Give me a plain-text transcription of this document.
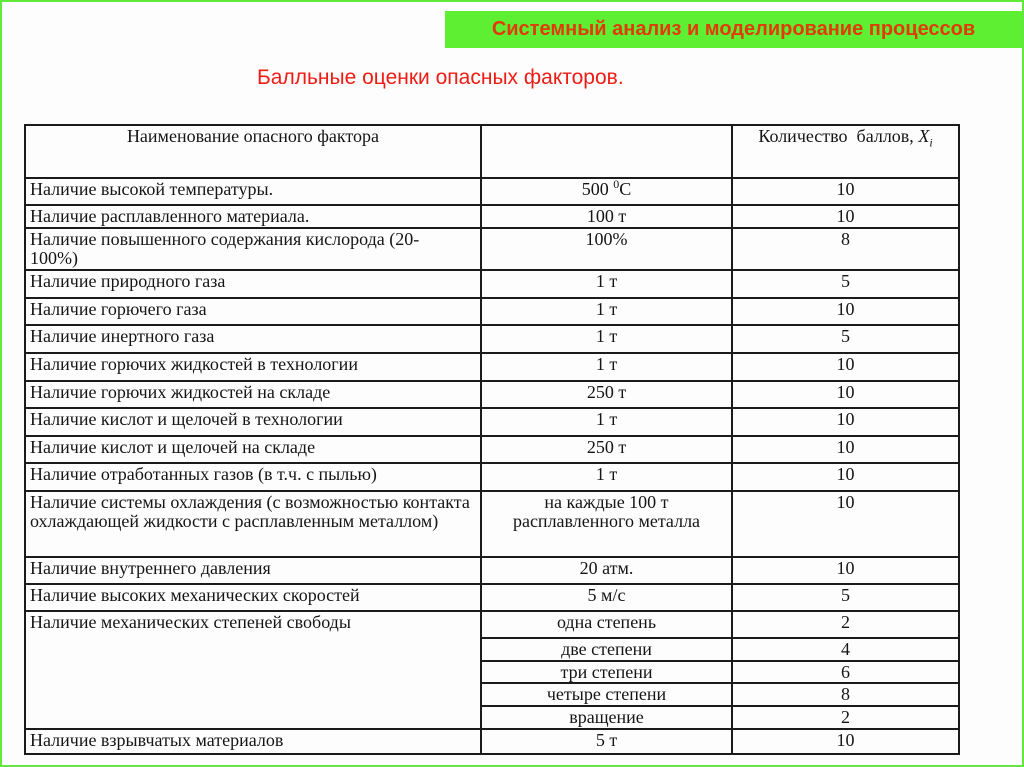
Системный анализ и моделирование процессов
Балльные оценки опасных факторов.
Наименование опасного фактора		Количество  баллов, $X_i$
Наличие высокой температуры.	500 $^0$С	10
Наличие расплавленного материала.	100 т	10
Наличие повышенного содержания кислорода (20-100%)	100%	8
Наличие природного газа	1 т	5
Наличие горючего газа	1 т	10
Наличие инертного газа	1 т	5
Наличие горючих жидкостей в технологии	1 т	10
Наличие горючих жидкостей на складе	250 т	10
Наличие кислот и щелочей в технологии	1 т	10
Наличие кислот и щелочей на складе	250 т	10
Наличие отработанных газов (в т.ч. с пылью)	1 т	10
Наличие системы охлаждения (с возможностью контакта охлаждающей жидкости с расплавленным металлом)	на каждые 100 т расплавленного металла	10
Наличие внутреннего давления	20 атм.	10
Наличие высоких механических скоростей	5 м/с	5
Наличие механических степеней свободы	одна степень	2
	две степени	4
	три степени	6
	четыре степени	8
	вращение	2
Наличие взрывчатых материалов	5 т	10
